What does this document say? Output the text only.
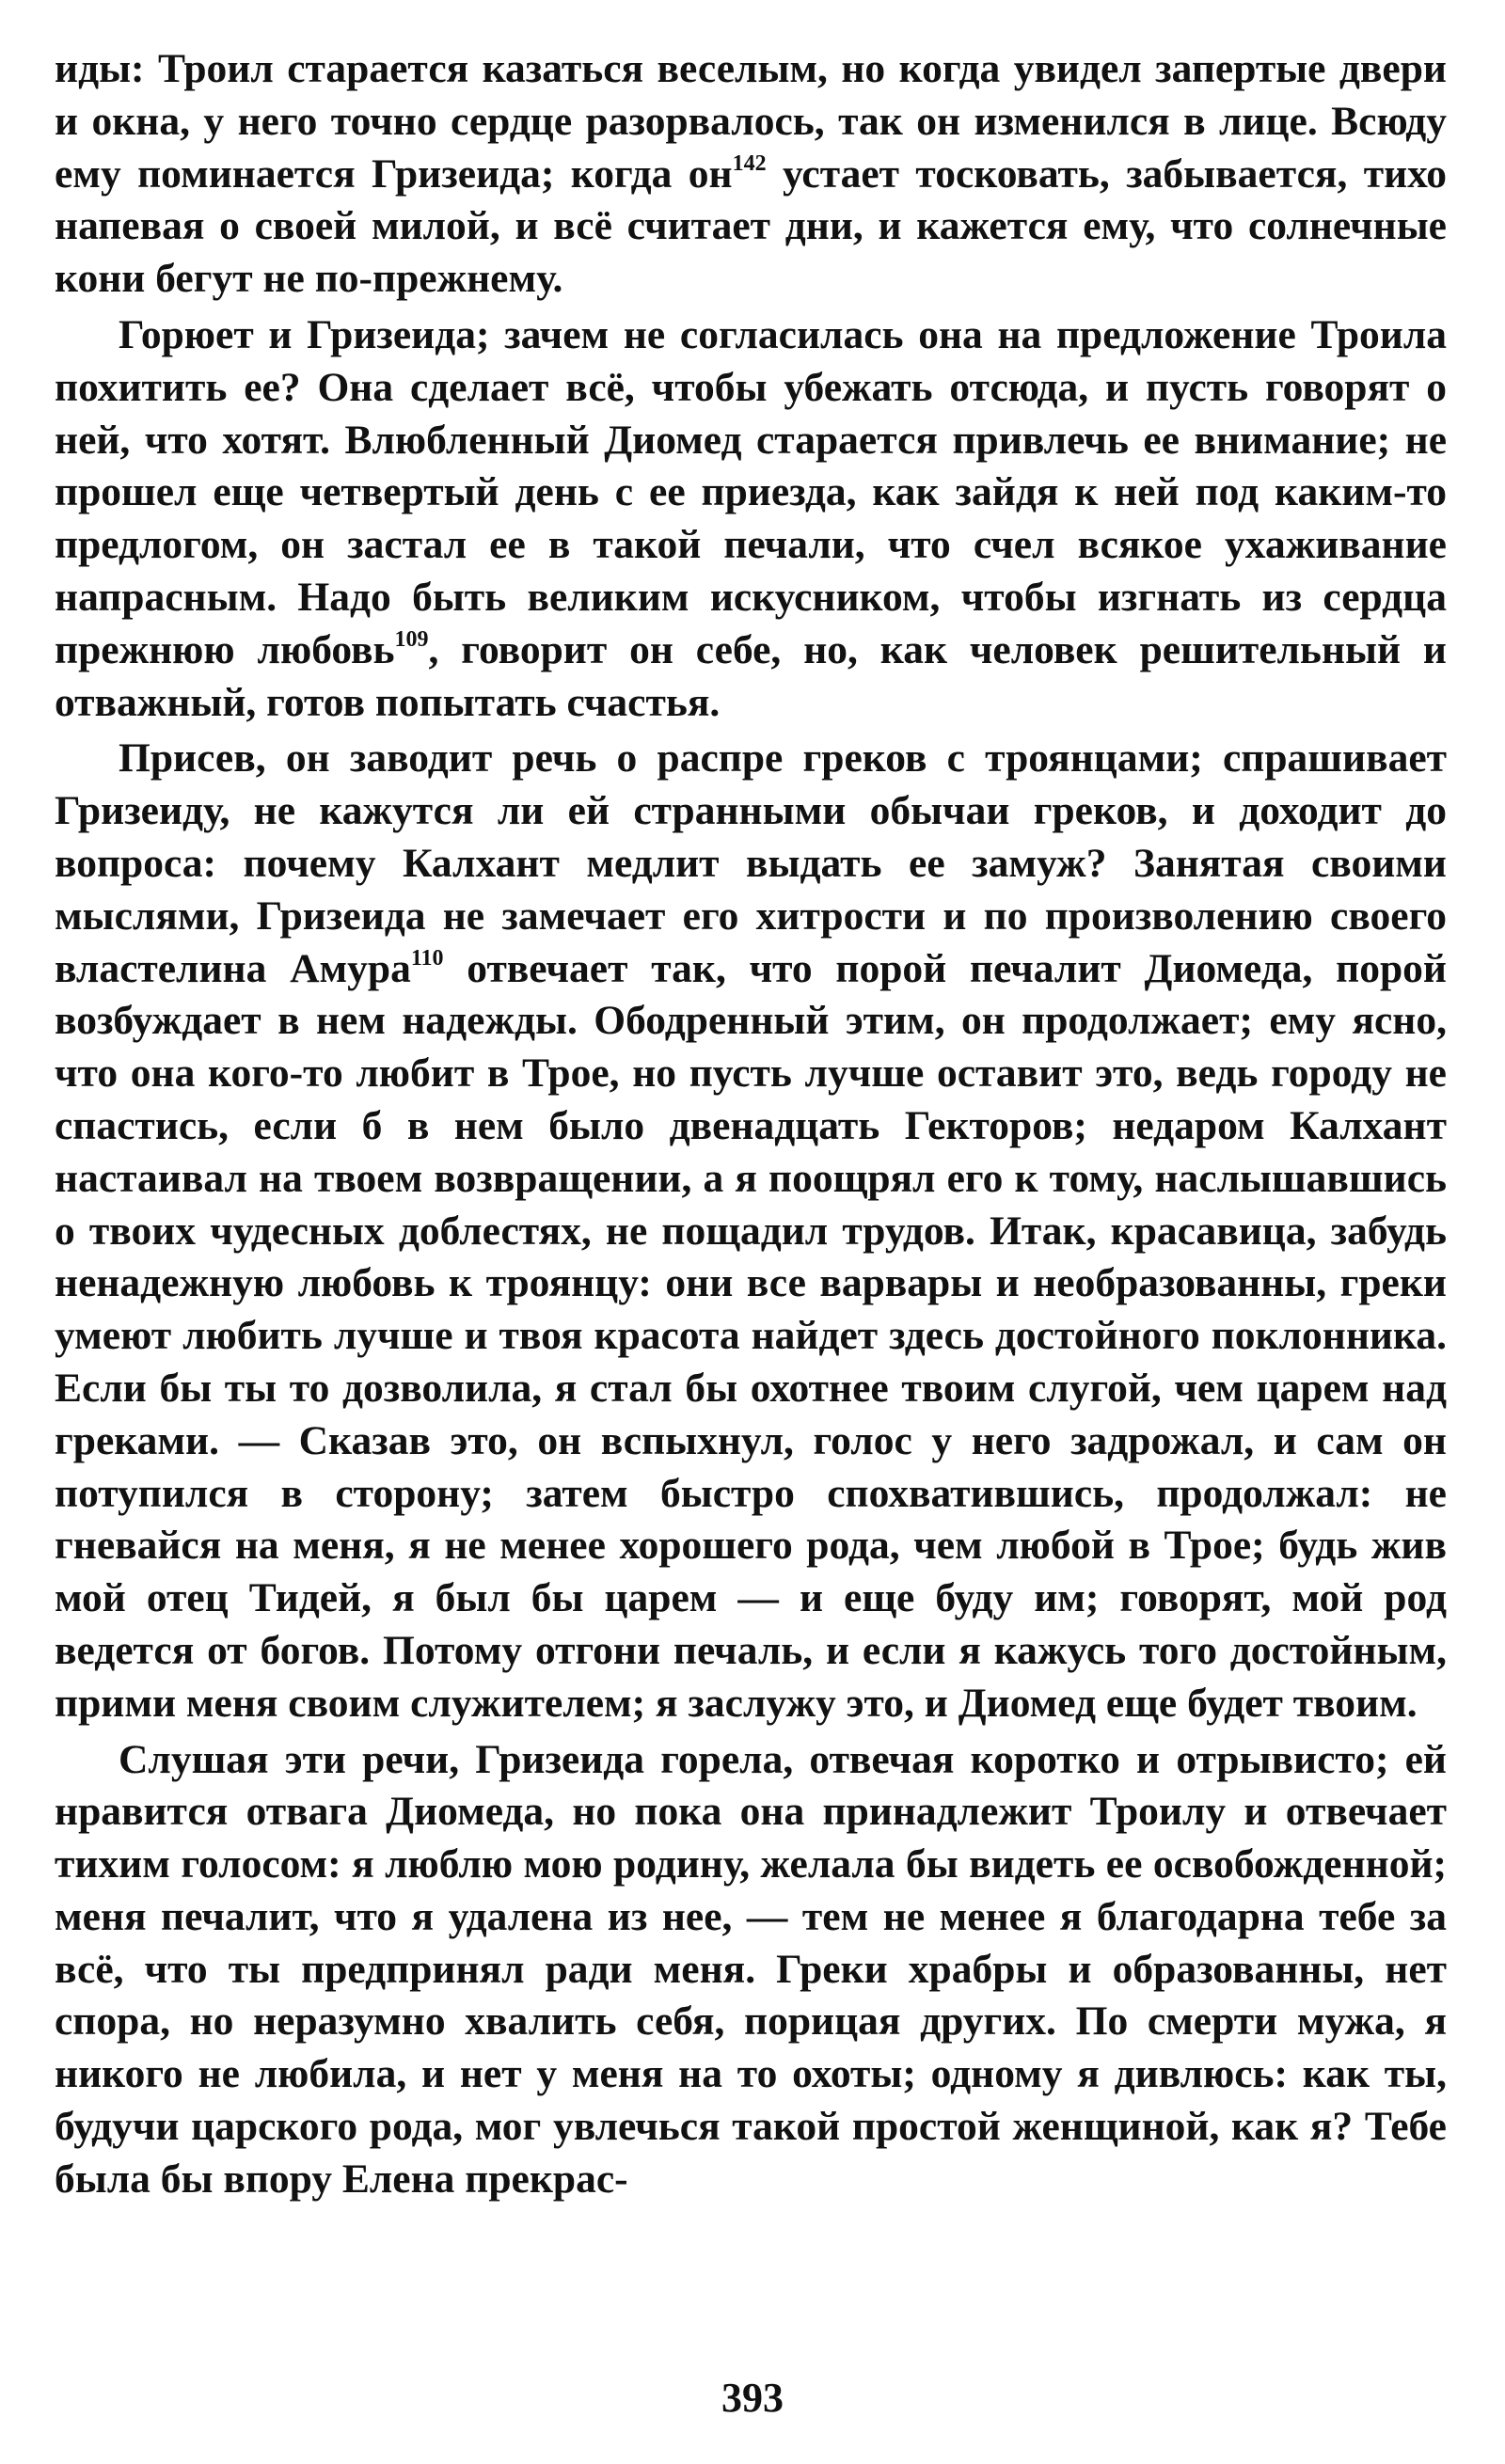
иды: Троил старается казаться веселым, но когда увидел запертые двери и окна, у него точно сердце разорвалось, так он изменился в лице. Всюду ему поминается Гризеида; когда он$^{142}$ устает тосковать, забывается, тихо напевая о своей милой, и всё считает дни, и кажется ему, что солнечные кони бегут не по-прежнему.

Горюет и Гризеида; зачем не согласилась она на предложение Троила похитить ее? Она сделает всё, чтобы убежать отсюда, и пусть говорят о ней, что хотят. Влюбленный Диомед старается привлечь ее внимание; не прошел еще четвертый день с ее приезда, как зайдя к ней под каким-то предлогом, он застал ее в такой печали, что счел всякое ухаживание напрасным. Надо быть великим искусником, чтобы изгнать из сердца прежнюю любовь$^{109}$, говорит он себе, но, как человек решительный и отважный, готов попытать счастья.

Присев, он заводит речь о распре греков с троянцами; спрашивает Гризеиду, не кажутся ли ей странными обычаи греков, и доходит до вопроса: почему Калхант медлит выдать ее замуж? Занятая своими мыслями, Гризеида не замечает его хитрости и по произволению своего властелина Амура$^{110}$ отвечает так, что порой печалит Диомеда, порой возбуждает в нем надежды. Ободренный этим, он продолжает; ему ясно, что она кого-то любит в Трое, но пусть лучше оставит это, ведь городу не спастись, если б в нем было двенадцать Гекторов; недаром Калхант настаивал на твоем возвращении, а я поощрял его к тому, наслышавшись о твоих чудесных доблестях, не пощадил трудов. Итак, красавица, забудь ненадежную любовь к троянцу: они все варвары и необразованны, греки умеют любить лучше и твоя красота найдет здесь достойного поклонника. Если бы ты то дозволила, я стал бы охотнее твоим слугой, чем царем над греками. — Сказав это, он вспыхнул, голос у него задрожал, и сам он потупился в сторону; затем быстро спохватившись, продолжал: не гневайся на меня, я не менее хорошего рода, чем любой в Трое; будь жив мой отец Тидей, я был бы царем — и еще буду им; говорят, мой род ведется от богов. Потому отгони печаль, и если я кажусь того достойным, прими меня своим служителем; я заслужу это, и Диомед еще будет твоим.

Слушая эти речи, Гризеида горела, отвечая коротко и отрывисто; ей нравится отвага Диомеда, но пока она принадлежит Троилу и отвечает тихим голосом: я люблю мою родину, желала бы видеть ее освобожденной; меня печалит, что я удалена из нее, — тем не менее я благодарна тебе за всё, что ты предпринял ради меня. Греки храбры и образованны, нет спора, но неразумно хвалить себя, порицая других. По смерти мужа, я никого не любила, и нет у меня на то охоты; одному я дивлюсь: как ты, будучи царского рода, мог увлечься такой простой женщиной, как я? Тебе была бы впору Елена прекрас-

393
